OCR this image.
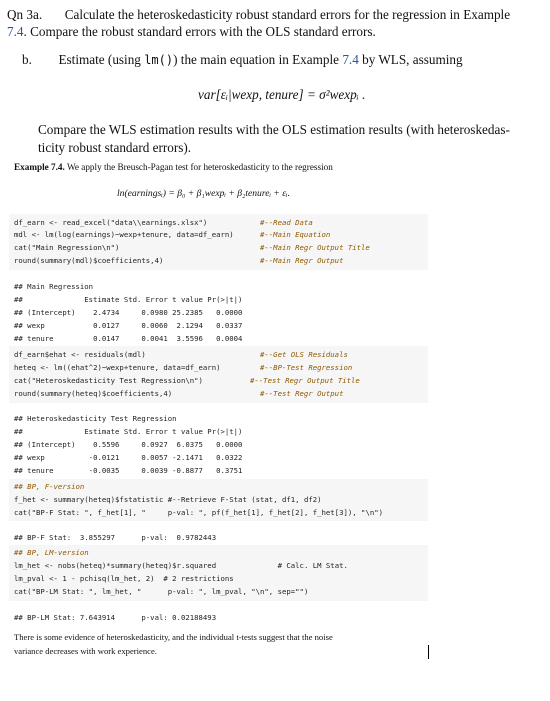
Qn 3a. Calculate the heteroskedasticity robust standard errors for the regression in Example
7.4. Compare the robust standard errors with the OLS standard errors.
b. Estimate (using lm()) the main equation in Example 7.4 by WLS, assuming
var[εᵢ|wexp, tenure] = σ²wexpᵢ .
Compare the WLS estimation results with the OLS estimation results (with heteroskedas-
ticity robust standard errors).
Example 7.4. We apply the Breusch-Pagan test for heteroskedasticity to the regression
ln(earningsᵢ) = β₀ + β₁wexpᵢ + β₂tenureᵢ + εᵢ.
df_earn <- read_excel("data\\earnings.xlsx")	#--Read Data
mdl <- lm(log(earnings)~wexp+tenure, data=df_earn)	#--Main Equation
cat("Main Regression\n")	#--Main Regr Output Title
round(summary(mdl)$coefficients,4)	#--Main Regr Output
## Main Regression
##              Estimate Std. Error t value Pr(>|t|)
## (Intercept)    2.4734     0.0980 25.2385   0.0000
## wexp           0.0127     0.0060  2.1294   0.0337
## tenure         0.0147     0.0041  3.5596   0.0004
df_earn$ehat <- residuals(mdl)	#--Get OLS Residuals
heteq <- lm((ehat^2)~wexp+tenure, data=df_earn)	#--BP-Test Regression
cat("Heteroskedasticity Test Regression\n")	#--Test Regr Output Title
round(summary(heteq)$coefficients,4)	#--Test Regr Output
## Heteroskedasticity Test Regression
##              Estimate Std. Error t value Pr(>|t|)
## (Intercept)    0.5596     0.0927  6.0375   0.0000
## wexp          -0.0121     0.0057 -2.1471   0.0322
## tenure        -0.0035     0.0039 -0.8877   0.3751
## BP, F-version
f_het <- summary(heteq)$fstatistic #--Retrieve F-Stat (stat, df1, df2)
cat("BP-F Stat: ", f_het[1], "     p-val: ", pf(f_het[1], f_het[2], f_het[3]), "\n")
## BP-F Stat:  3.855297      p-val:  0.9782443
## BP, LM-version
lm_het <- nobs(heteq)*summary(heteq)$r.squared              # Calc. LM Stat.
lm_pval <- 1 - pchisq(lm_het, 2)  # 2 restrictions
cat("BP-LM Stat: ", lm_het, "      p-val: ", lm_pval, "\n", sep="")
## BP-LM Stat: 7.643914      p-val: 0.02188493
There is some evidence of heteroskedasticity, and the individual t-tests suggest that the noise
variance decreases with work experience.
